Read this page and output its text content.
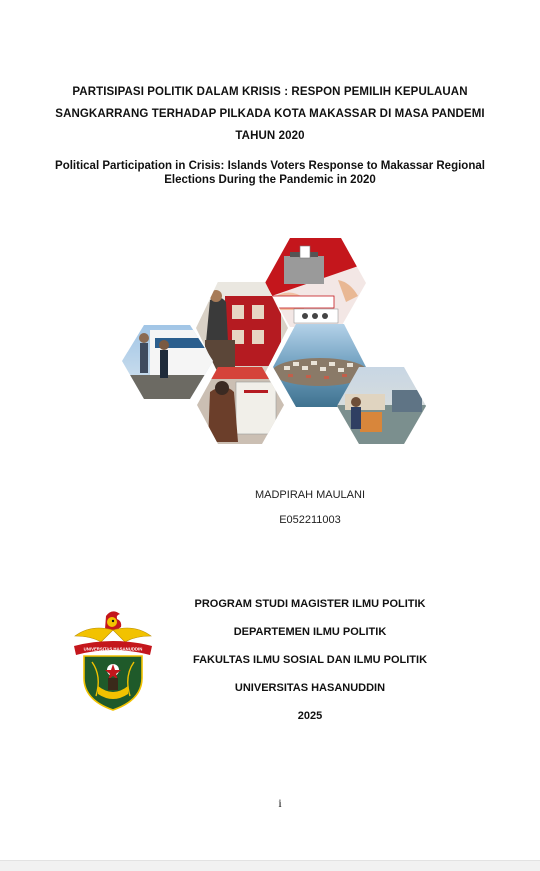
PARTISIPASI POLITIK DALAM KRISIS : RESPON PEMILIH KEPULAUAN
SANGKARRANG TERHADAP PILKADA KOTA MAKASSAR DI MASA PANDEMI
TAHUN 2020
Political Participation in Crisis: Islands Voters Response to Makassar Regional
Elections During the Pandemic in 2020
MADPIRAH MAULANI
E052211003
UNIVERSITAS HASANUDDIN
PROGRAM STUDI MAGISTER ILMU POLITIK
DEPARTEMEN ILMU POLITIK
FAKULTAS ILMU SOSIAL DAN ILMU POLITIK
UNIVERSITAS HASANUDDIN
2025
i
